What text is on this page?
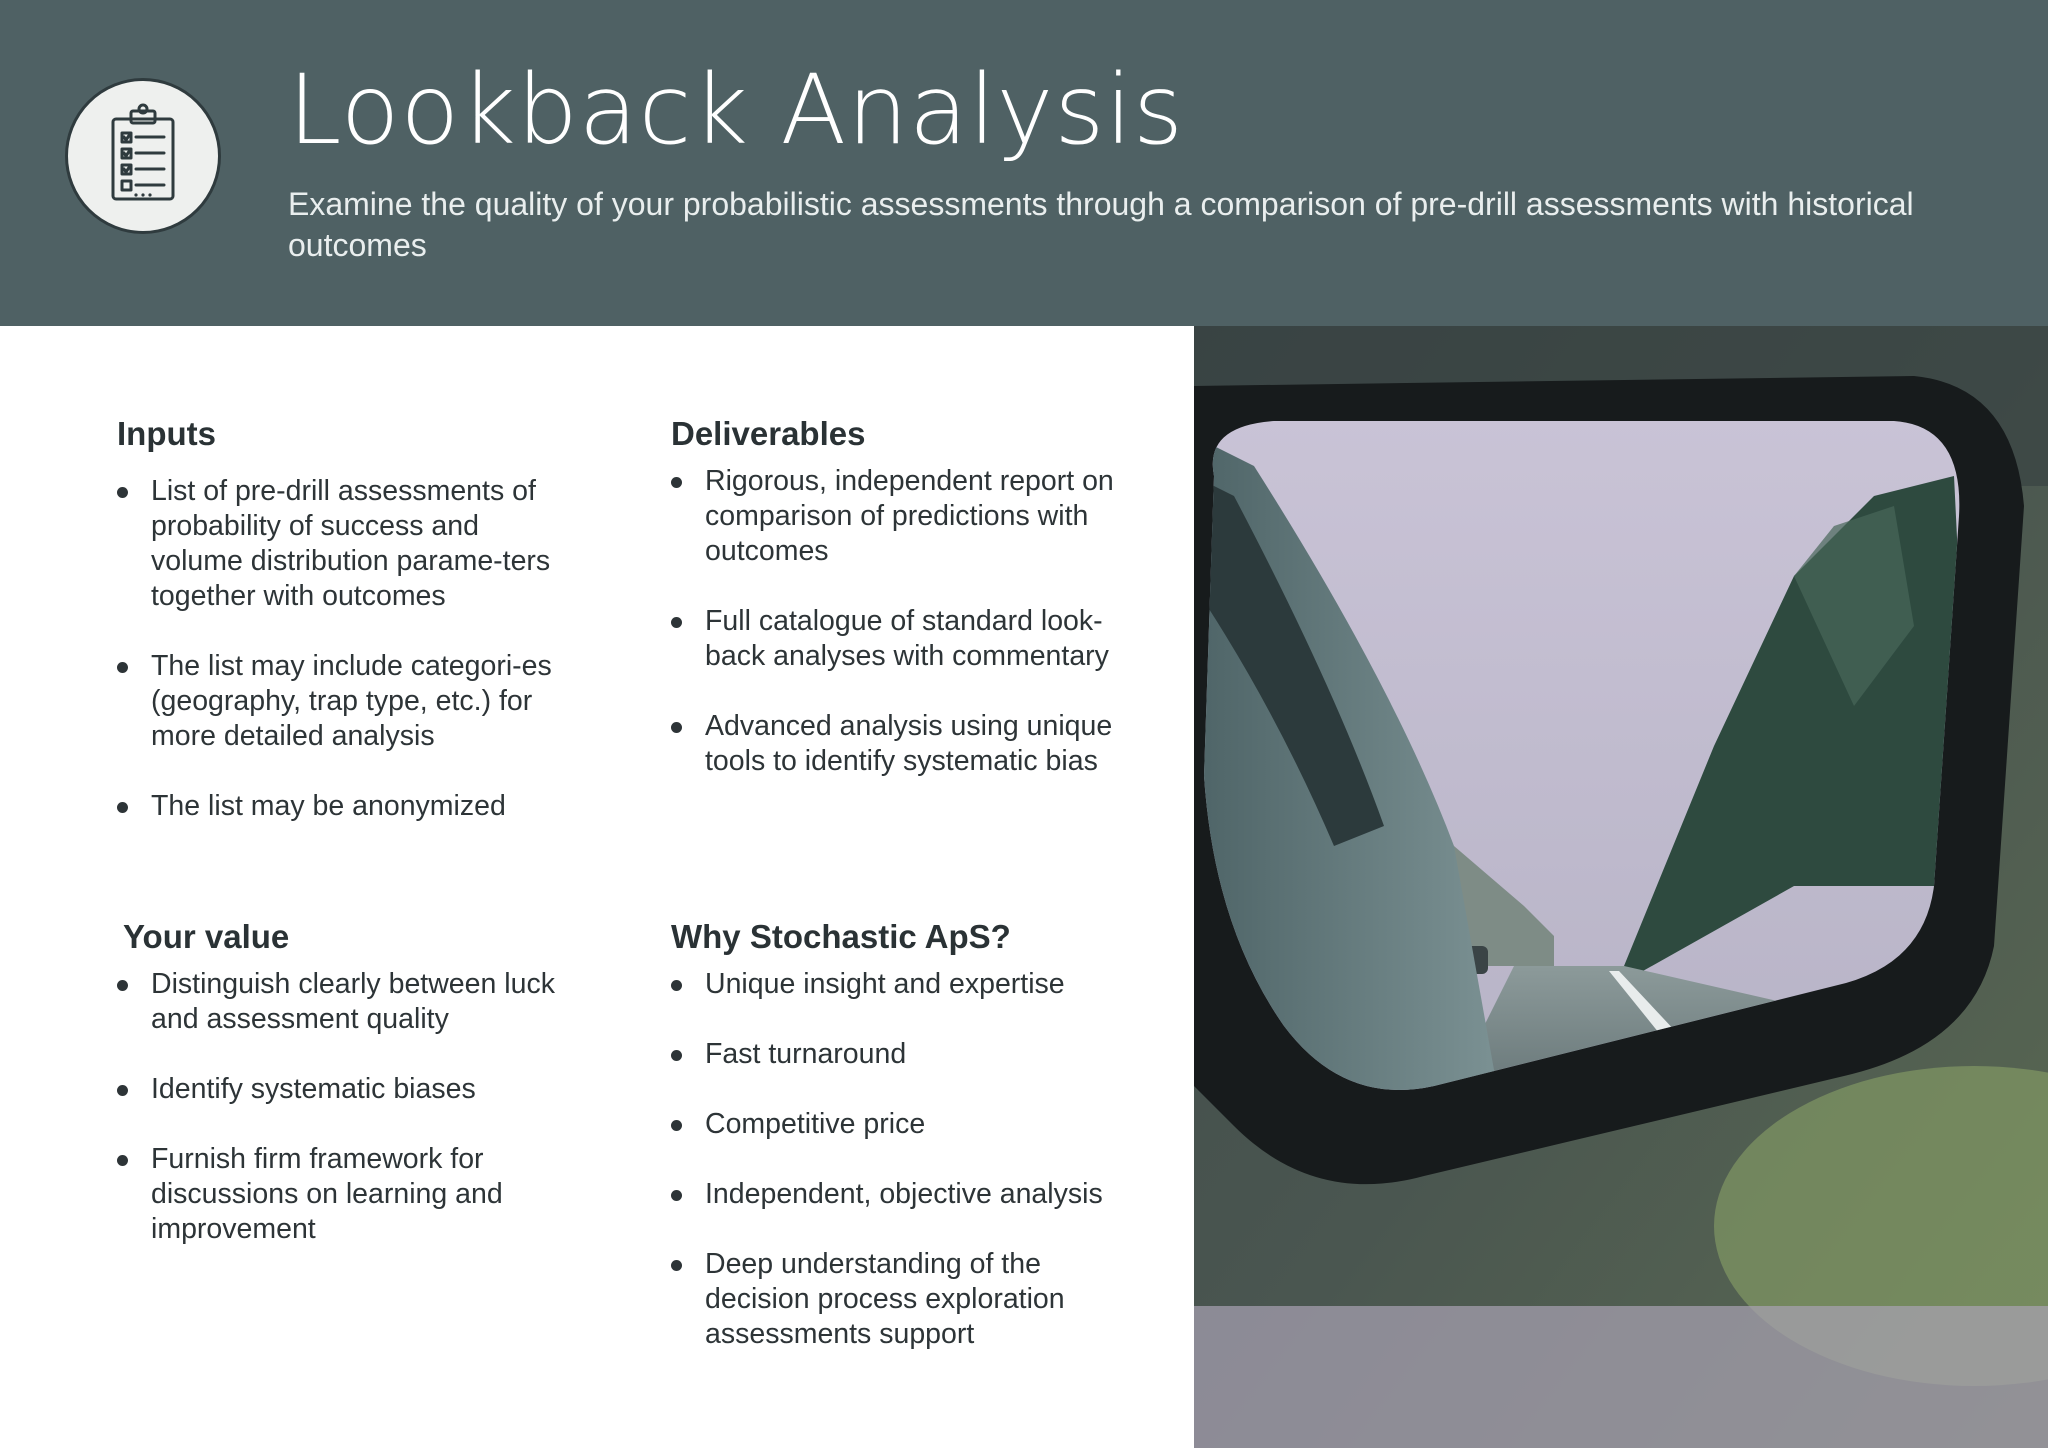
Lookback Analysis
Examine the quality of your probabilistic assessments through a comparison of pre-drill assessments with historical outcomes
Inputs
List of pre-drill assessments of probability of success and volume distribution parame-ters together with outcomes
The list may include categori-es (geography, trap type, etc.) for more detailed analysis
The list may be anonymized
Deliverables
Rigorous, independent report on comparison of predictions with outcomes
Full catalogue of standard look-back analyses with commentary
Advanced analysis using unique tools to identify systematic bias
Your value
Distinguish clearly between luck and assessment quality
Identify systematic biases
Furnish firm framework for discussions on learning and improvement
Why Stochastic ApS?
Unique insight and expertise
Fast turnaround
Competitive price
Independent, objective analysis
Deep understanding of the decision process exploration assessments support
